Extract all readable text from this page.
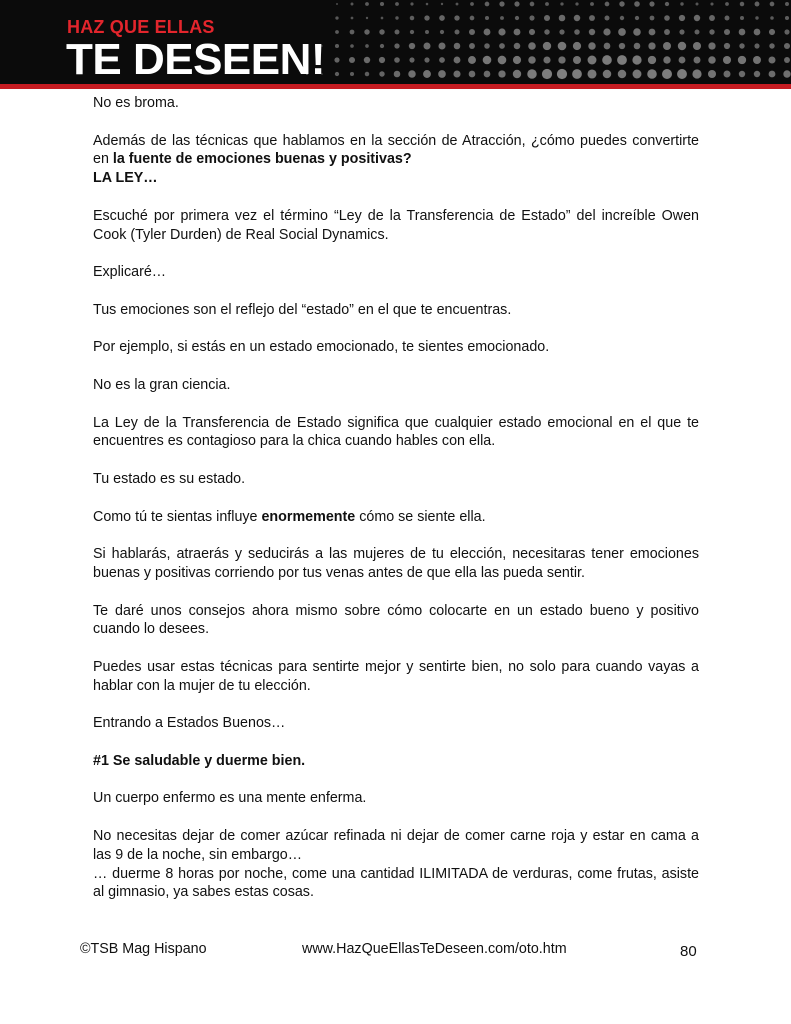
HAZ QUE ELLAS
TE DESEEN!

No es broma.

Además de las técnicas que hablamos en la sección de Atracción, ¿cómo puedes convertirte en la fuente de emociones buenas y positivas?

LA LEY…

Escuché por primera vez el término “Ley de la Transferencia de Estado” del increíble Owen Cook (Tyler Durden) de Real Social Dynamics.

Explicaré…

Tus emociones son el reflejo del “estado” en el que te encuentras.

Por ejemplo, si estás en un estado emocionado, te sientes emocionado.

No es la gran ciencia.

La Ley de la Transferencia de Estado significa que cualquier estado emocional en el que te encuentres es contagioso para la chica cuando hables con ella.

Tu estado es su estado.

Como tú te sientas influye enormemente cómo se siente ella.

Si hablarás, atraerás y seducirás a las mujeres de tu elección, necesitaras tener emociones buenas y positivas corriendo por tus venas antes de que ella las pueda sentir.

Te daré unos consejos ahora mismo sobre cómo colocarte en un estado bueno y positivo cuando lo desees.

Puedes usar estas técnicas para sentirte mejor y sentirte bien, no solo para cuando vayas a hablar con la mujer de tu elección.

Entrando a Estados Buenos…

#1 Se saludable y duerme bien.

Un cuerpo enfermo es una mente enferma.

No necesitas dejar de comer azúcar refinada ni dejar de comer carne roja y estar en cama a las 9 de la noche, sin embargo…

… duerme 8 horas por noche, come una cantidad ILIMITADA de verduras, come frutas, asiste al gimnasio, ya sabes estas cosas.

©TSB Mag Hispano	www.HazQueEllasTeDeseen.com/oto.htm	80
